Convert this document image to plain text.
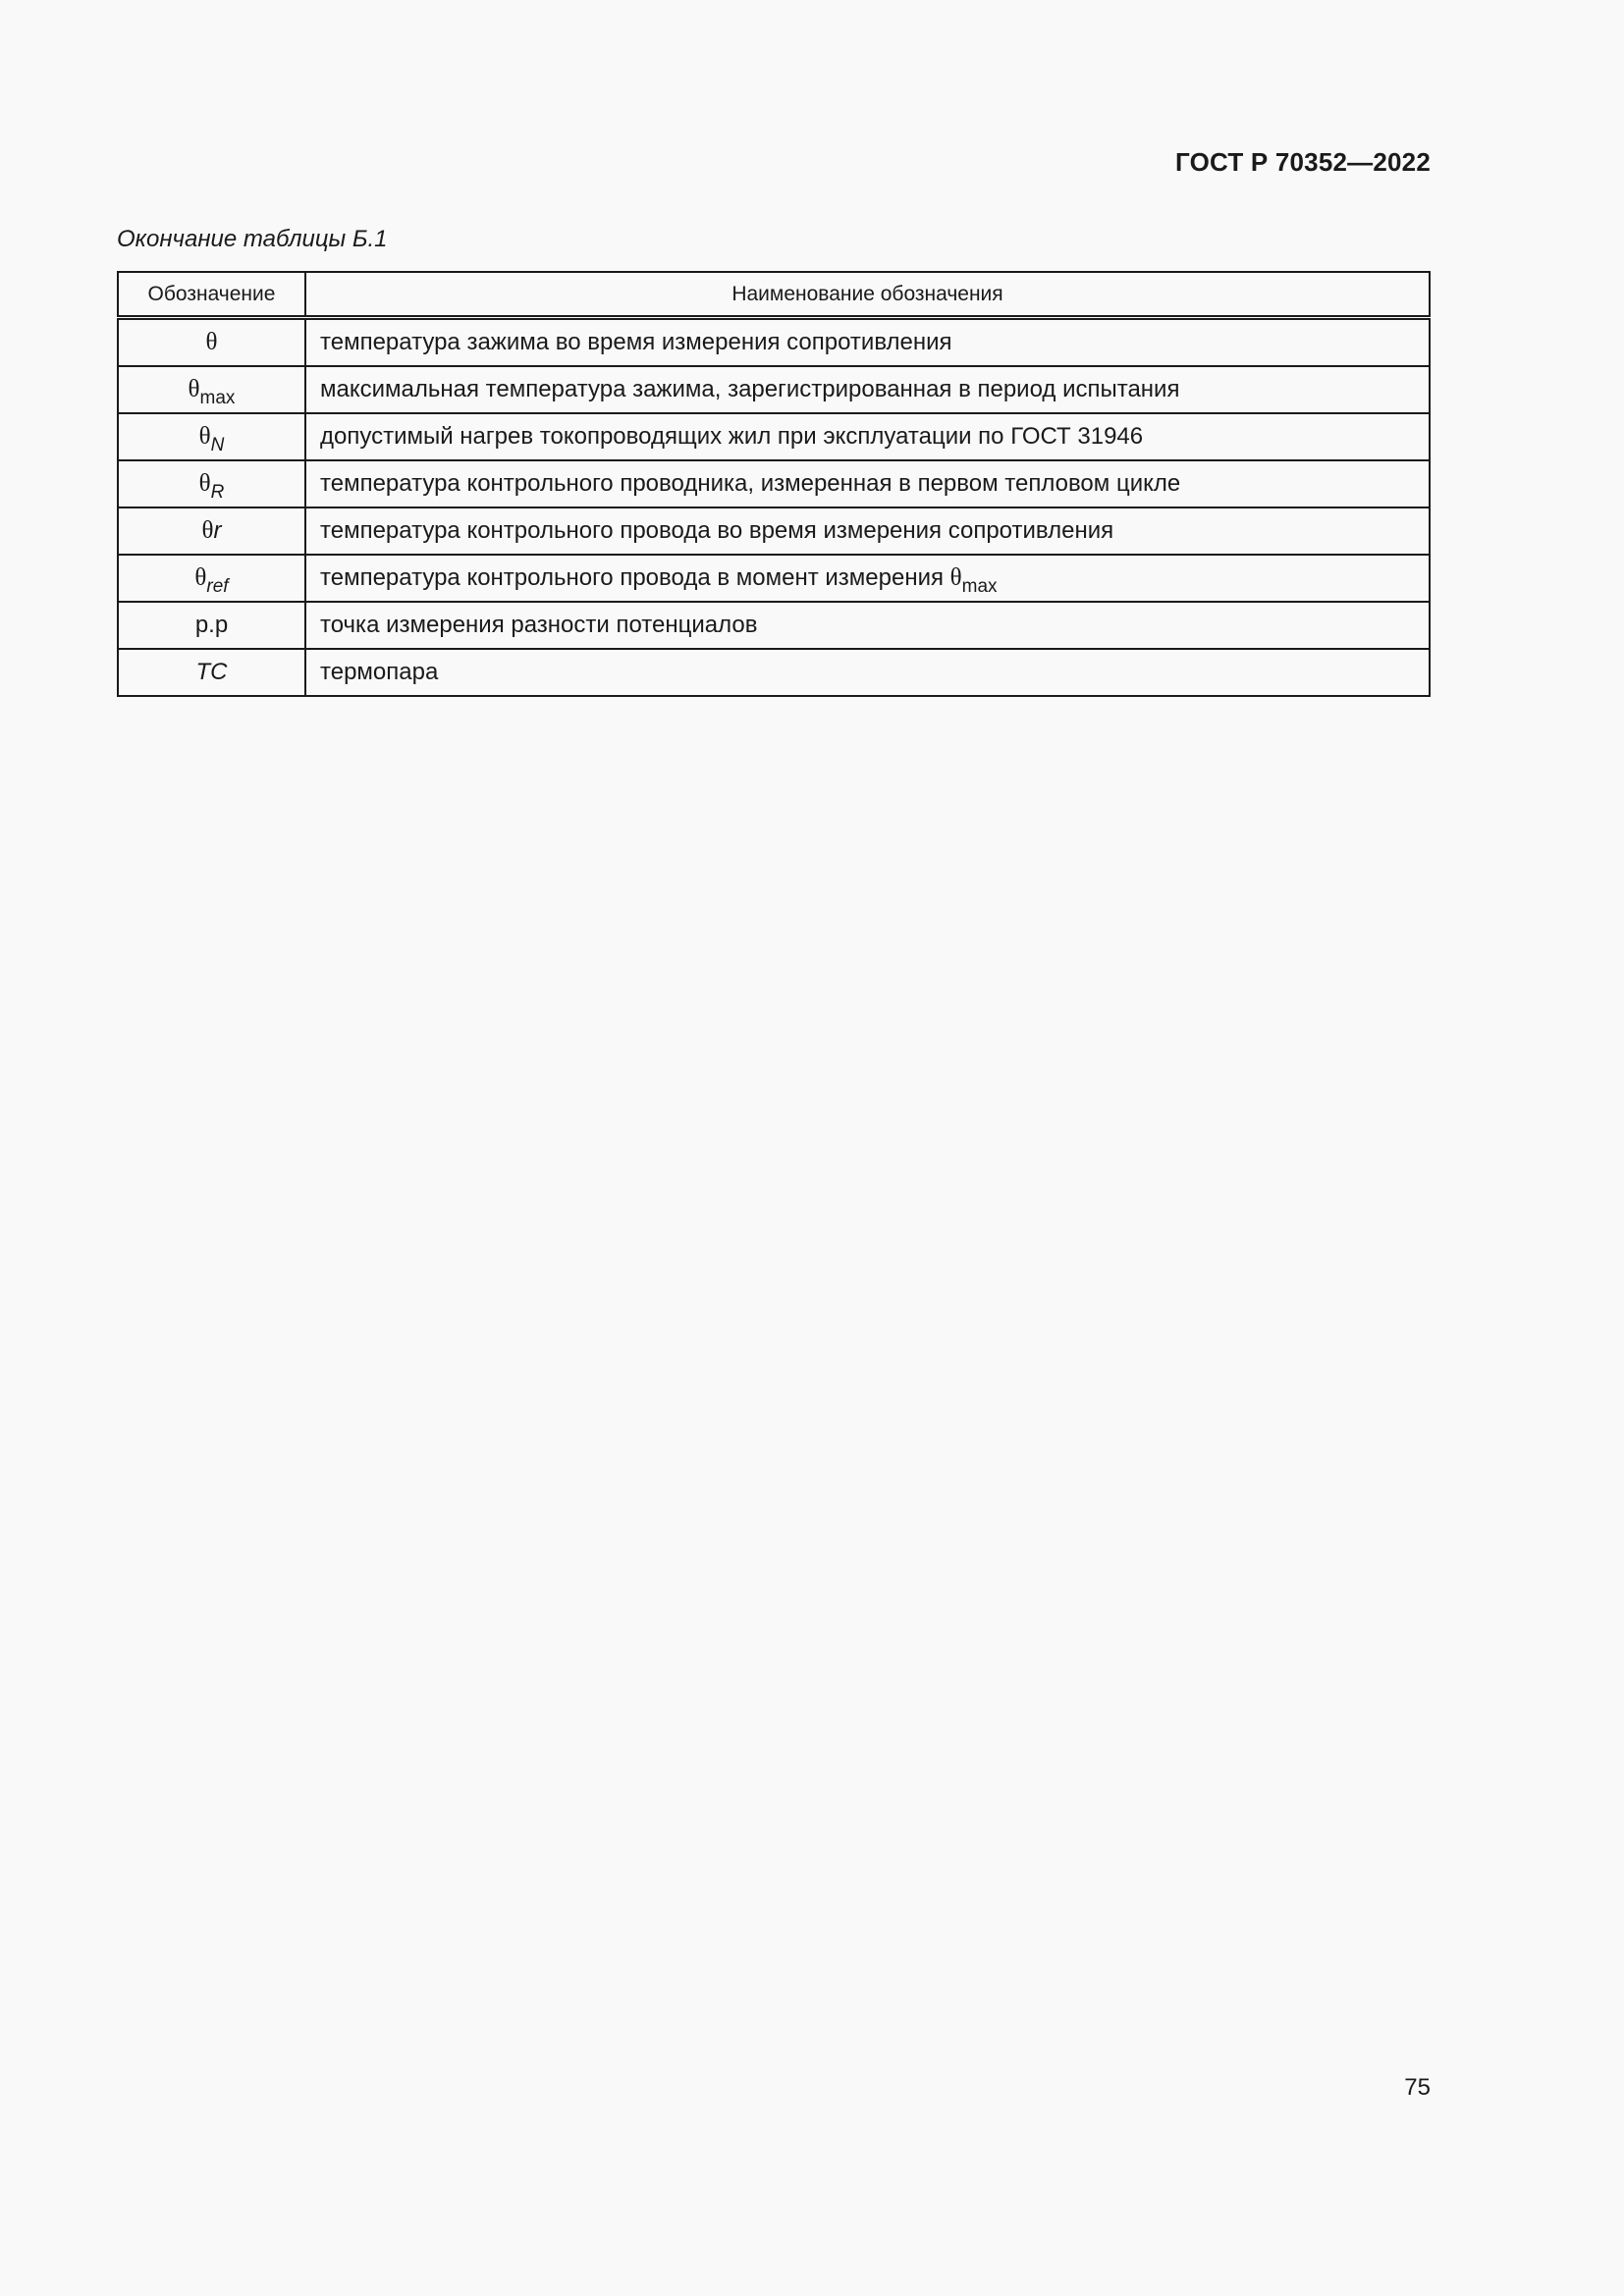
ГОСТ Р 70352—2022
Окончание таблицы Б.1
Обозначение	Наименование обозначения
θ	температура зажима во время измерения сопротивления
$\theta_{max}$	максимальная температура зажима, зарегистрированная в период испытания
$\theta_N$	допустимый нагрев токопроводящих жил при эксплуатации по ГОСТ 31946
$\theta_R$	температура контрольного проводника, измеренная в первом тепловом цикле
θr	температура контрольного провода во время измерения сопротивления
$\theta_{ref}$	температура контрольного провода в момент измерения $\theta_{max}$
p.p	точка измерения разности потенциалов
TC	термопара
75
